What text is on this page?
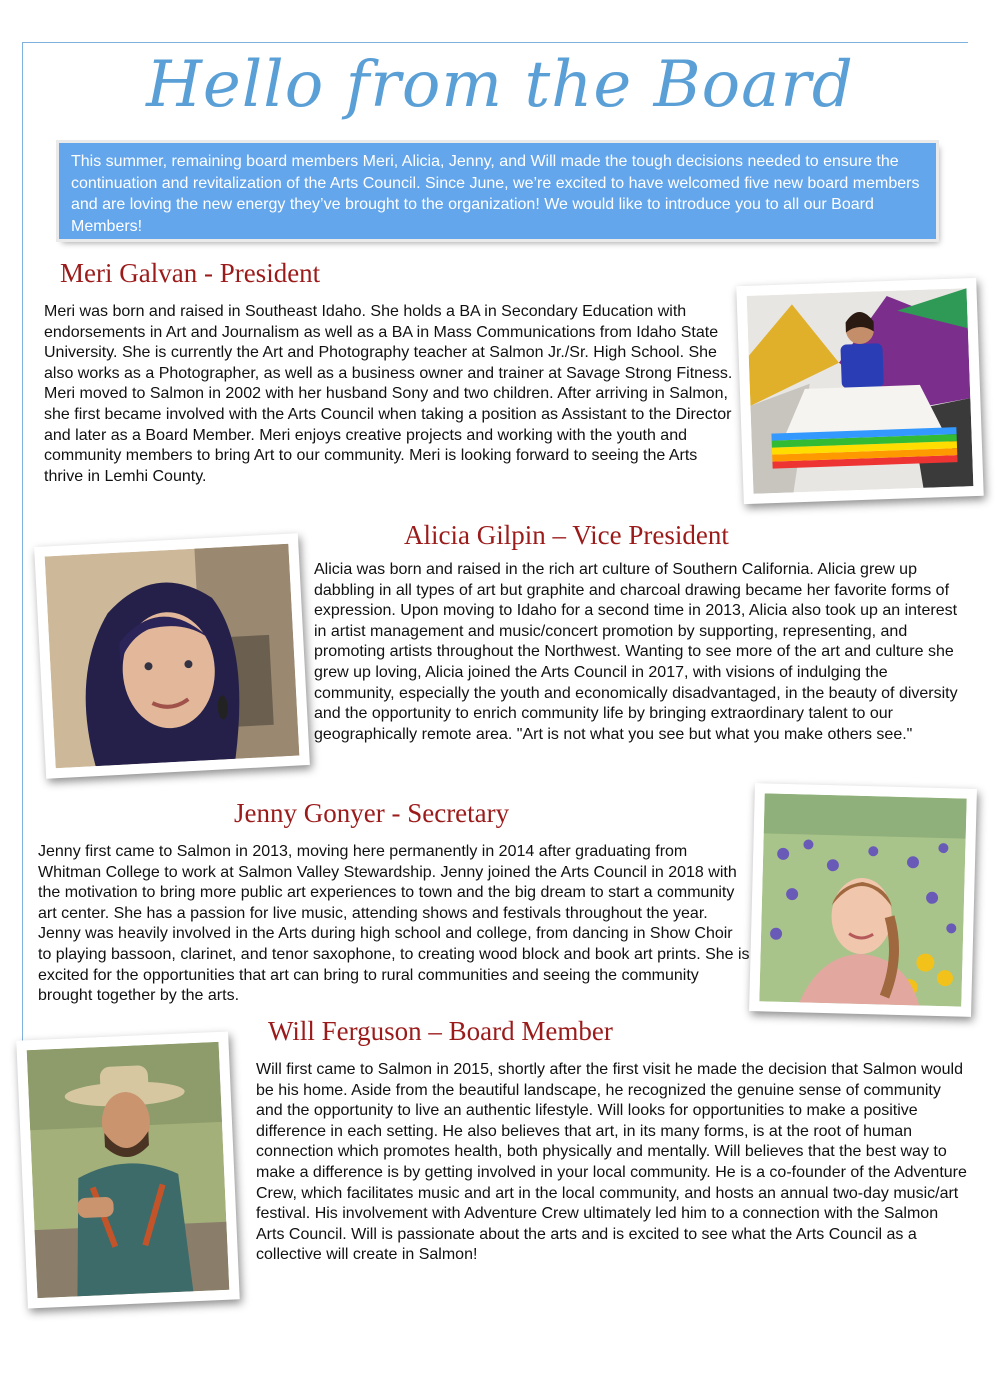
Hello from the Board
This summer, remaining board members Meri, Alicia, Jenny, and Will made the tough decisions needed to ensure the continuation and revitalization of the Arts Council. Since June, we’re excited to have welcomed five new board members and are loving the new energy they’ve brought to the organization! We would like to introduce you to all our Board Members!
Meri Galvan - President
Meri was born and raised in Southeast Idaho. She holds a BA in Secondary Education with endorsements in Art and Journalism as well as a BA in Mass Communications from Idaho State University. She is currently the Art and Photography teacher at Salmon Jr./Sr. High School. She also works as a Photographer, as well as a business owner and trainer at Savage Strong Fitness. Meri moved to Salmon in 2002 with her husband Sony and two children. After arriving in Salmon, she first became involved with the Arts Council when taking a position as Assistant to the Director and later as a Board Member. Meri enjoys creative projects and working with the youth and community members to bring Art to our community. Meri is looking forward to seeing the Arts thrive in Lemhi County.
Alicia Gilpin – Vice President
Alicia was born and raised in the rich art culture of Southern California. Alicia grew up dabbling in all types of art but graphite and charcoal drawing became her favorite forms of expression. Upon moving to Idaho for a second time in 2013, Alicia also took up an interest in artist management and music/concert promotion by supporting, representing, and promoting artists throughout the Northwest. Wanting to see more of the art and culture she grew up loving, Alicia joined the Arts Council in 2017, with visions of indulging the community, especially the youth and economically disadvantaged, in the beauty of diversity and the opportunity to enrich community life by bringing extraordinary talent to our geographically remote area. "Art is not what you see but what you make others see."
Jenny Gonyer - Secretary
Jenny first came to Salmon in 2013, moving here permanently in 2014 after graduating from Whitman College to work at Salmon Valley Stewardship. Jenny joined the Arts Council in 2018 with the motivation to bring more public art experiences to town and the big dream to start a community art center. She has a passion for live music, attending shows and festivals throughout the year. Jenny was heavily involved in the Arts during high school and college, from dancing in Show Choir to playing bassoon, clarinet, and tenor saxophone, to creating wood block and book art prints. She is excited for the opportunities that art can bring to rural communities and seeing the community brought together by the arts.
Will Ferguson – Board Member
Will first came to Salmon in 2015, shortly after the first visit he made the decision that Salmon would be his home. Aside from the beautiful landscape, he recognized the genuine sense of community and the opportunity to live an authentic lifestyle. Will looks for opportunities to make a positive difference in each setting. He also believes that art, in its many forms, is at the root of human connection which promotes health, both physically and mentally. Will believes that the best way to make a difference is by getting involved in your local community. He is a co-founder of the Adventure Crew, which facilitates music and art in the local community, and hosts an annual two-day music/art festival. His involvement with Adventure Crew ultimately led him to a connection with the Salmon Arts Council. Will is passionate about the arts and is excited to see what the Arts Council as a collective will create in Salmon!
